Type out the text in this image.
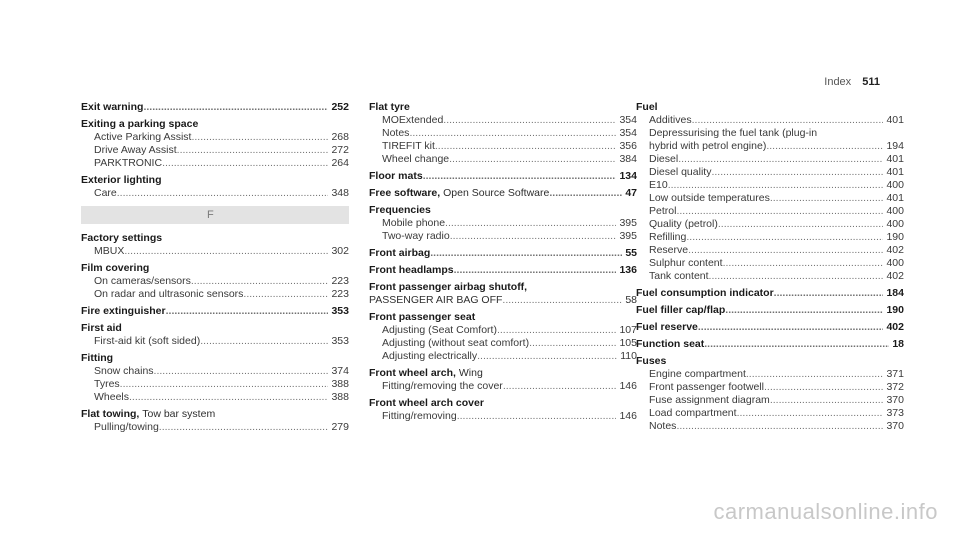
Index 511
Exit warning .....	252
Exiting a parking space
Active Parking Assist .....	268
Drive Away Assist .....	272
PARKTRONIC .....	264
Exterior lighting
Care .....	348
F
Factory settings
MBUX .....	302
Film covering
On cameras/sensors .....	223
On radar and ultrasonic sensors .....	223
Fire extinguisher .....	353
First aid
First-aid kit (soft sided) .....	353
Fitting
Snow chains .....	374
Tyres .....	388
Wheels .....	388
Flat towing, Tow bar system
Pulling/towing .....	279
Flat tyre
MOExtended .....	354
Notes .....	354
TIREFIT kit .....	356
Wheel change .....	384
Floor mats .....	134
Free software, Open Source Software .....	47
Frequencies
Mobile phone .....	395
Two-way radio .....	395
Front airbag .....	55
Front headlamps .....	136
Front passenger airbag shutoff,
PASSENGER AIR BAG OFF .....	58
Front passenger seat
Adjusting (Seat Comfort) .....	107
Adjusting (without seat comfort) .....	105
Adjusting electrically .....	110
Front wheel arch, Wing
Fitting/removing the cover .....	146
Front wheel arch cover
Fitting/removing .....	146
Fuel
Additives .....	401
Depressurising the fuel tank (plug-in
hybrid with petrol engine) .....	194
Diesel .....	401
Diesel quality .....	401
E10 .....	400
Low outside temperatures .....	401
Petrol .....	400
Quality (petrol) .....	400
Refilling .....	190
Reserve .....	402
Sulphur content .....	400
Tank content .....	402
Fuel consumption indicator .....	184
Fuel filler cap/flap .....	190
Fuel reserve .....	402
Function seat .....	18
Fuses
Engine compartment .....	371
Front passenger footwell .....	372
Fuse assignment diagram .....	370
Load compartment .....	373
Notes .....	370
carmanualsonline.info
